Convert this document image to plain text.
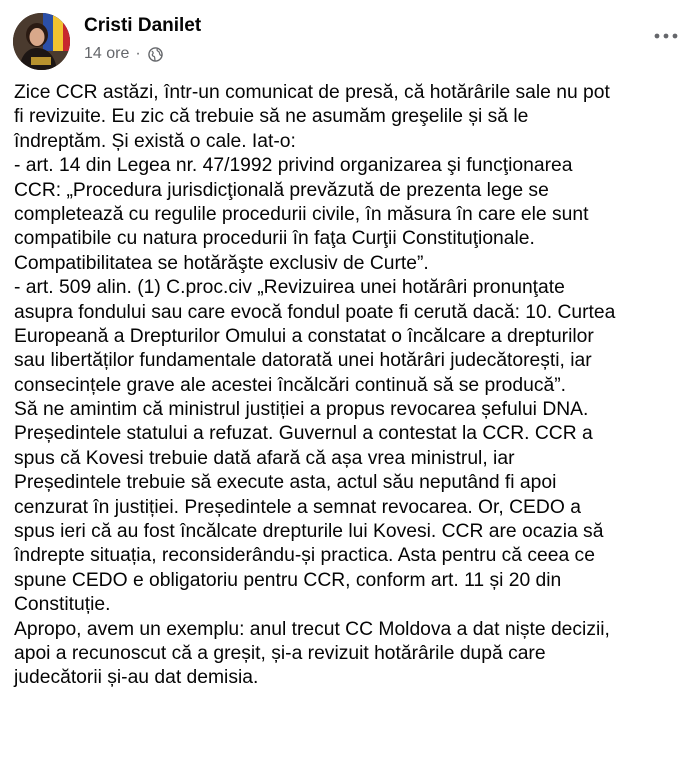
Cristi Danilet
14 ore ·
Zice CCR astăzi, într-un comunicat de presă, că hotărârile sale nu pot
fi revizuite. Eu zic că trebuie să ne asumăm greşelile și să le
îndreptăm. Și există o cale. Iat-o:
- art. 14 din Legea nr. 47/1992 privind organizarea şi funcţionarea
CCR: „Procedura jurisdicţională prevăzută de prezenta lege se
completează cu regulile procedurii civile, în măsura în care ele sunt
compatibile cu natura procedurii în faţa Curţii Constituţionale.
Compatibilitatea se hotărăşte exclusiv de Curte”.
- art. 509 alin. (1) C.proc.civ „Revizuirea unei hotărâri pronunţate
asupra fondului sau care evocă fondul poate fi cerută dacă: 10. Curtea
Europeană a Drepturilor Omului a constatat o încălcare a drepturilor
sau libertăților fundamentale datorată unei hotărâri judecătorești, iar
consecințele grave ale acestei încălcări continuă să se producă”.
Să ne amintim că ministrul justiției a propus revocarea șefului DNA.
Președintele statului a refuzat. Guvernul a contestat la CCR. CCR a
spus că Kovesi trebuie dată afară că așa vrea ministrul, iar
Președintele trebuie să execute asta, actul său neputând fi apoi
cenzurat în justiției. Președintele a semnat revocarea. Or, CEDO a
spus ieri că au fost încălcate drepturile lui Kovesi. CCR are ocazia să
îndrepte situația, reconsiderându-și practica. Asta pentru că ceea ce
spune CEDO e obligatoriu pentru CCR, conform art. 11 și 20 din
Constituție.
Apropo, avem un exemplu: anul trecut CC Moldova a dat niște decizii,
apoi a recunoscut că a greșit, și-a revizuit hotărârile după care
judecătorii și-au dat demisia.
